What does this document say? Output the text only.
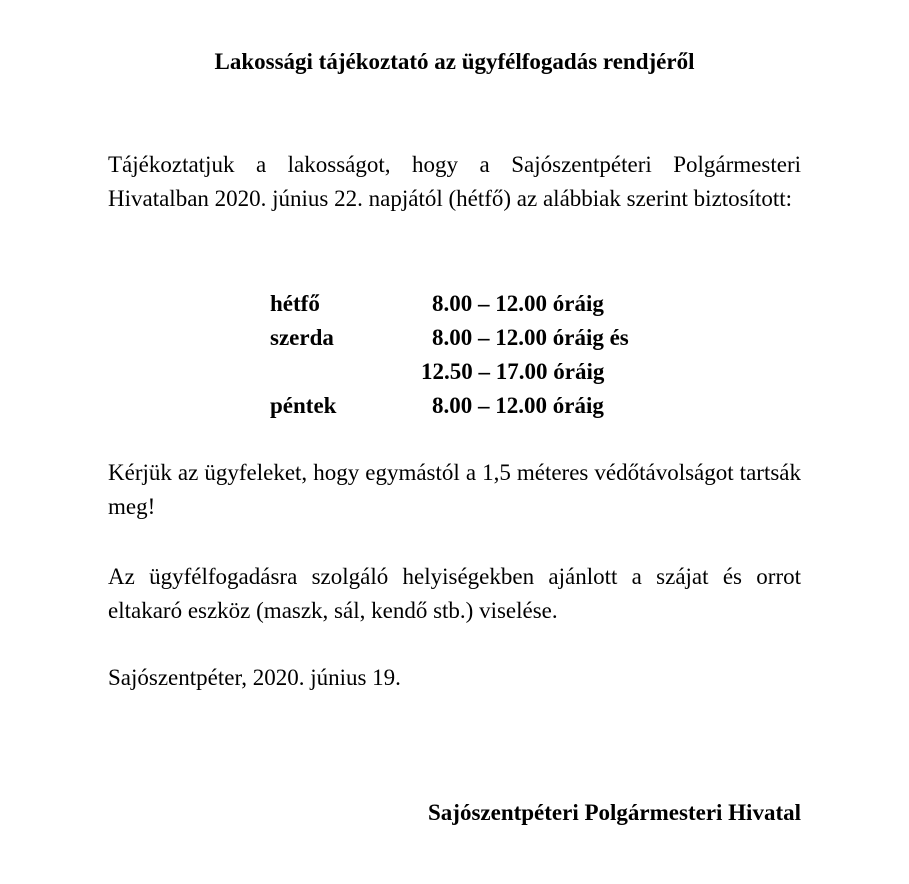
Lakossági tájékoztató az ügyfélfogadás rendjéről
Tájékoztatjuk a lakosságot, hogy a Sajószentpéteri Polgármesteri Hivatalban 2020. június 22. napjától (hétfő) az alábbiak szerint biztosított:
hétfő	8.00 – 12.00 óráig
szerda	8.00 – 12.00 óráig és
12.50 – 17.00 óráig
péntek	8.00 – 12.00 óráig
Kérjük az ügyfeleket, hogy egymástól a 1,5 méteres védőtávolságot tartsák meg!
Az ügyfélfogadásra szolgáló helyiségekben ajánlott a szájat és orrot eltakaró eszköz (maszk, sál, kendő stb.) viselése.
Sajószentpéter, 2020. június 19.
Sajószentpéteri Polgármesteri Hivatal
